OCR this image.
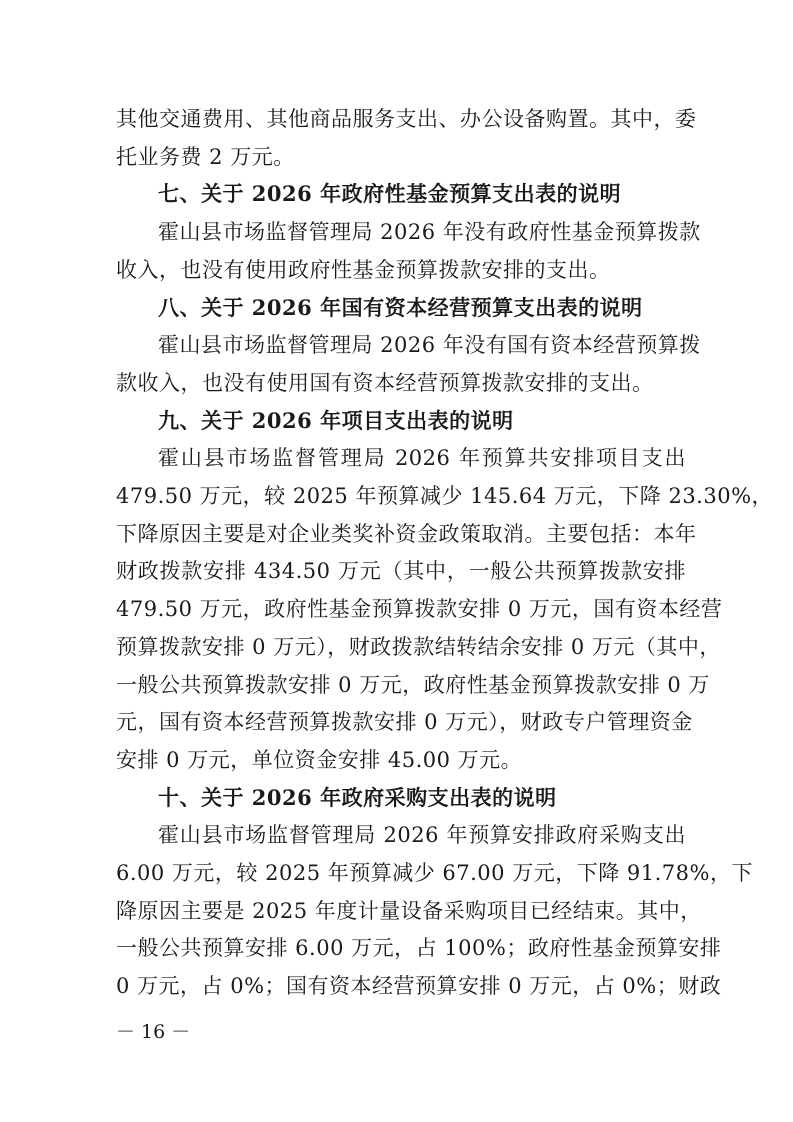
其他交通费用、其他商品服务支出、办公设备购置。其中，委
托业务费 2 万元。
七、关于 2026 年政府性基金预算支出表的说明
霍山县市场监督管理局 2026 年没有政府性基金预算拨款
收入，也没有使用政府性基金预算拨款安排的支出。
八、关于 2026 年国有资本经营预算支出表的说明
霍山县市场监督管理局 2026 年没有国有资本经营预算拨
款收入，也没有使用国有资本经营预算拨款安排的支出。
九、关于 2026 年项目支出表的说明
霍山县市场监督管理局 2026 年预算共安排项目支出
479.50 万元，较 2025 年预算减少 145.64 万元，下降 23.30%，
下降原因主要是对企业类奖补资金政策取消。主要包括：本年
财政拨款安排 434.50 万元（其中，一般公共预算拨款安排
479.50 万元，政府性基金预算拨款安排 0 万元，国有资本经营
预算拨款安排 0 万元），财政拨款结转结余安排 0 万元（其中，
一般公共预算拨款安排 0 万元，政府性基金预算拨款安排 0 万
元，国有资本经营预算拨款安排 0 万元），财政专户管理资金
安排 0 万元，单位资金安排 45.00 万元。
十、关于 2026 年政府采购支出表的说明
霍山县市场监督管理局 2026 年预算安排政府采购支出
6.00 万元，较 2025 年预算减少 67.00 万元，下降 91.78%，下
降原因主要是 2025 年度计量设备采购项目已经结束。其中，
一般公共预算安排 6.00 万元，占 100%；政府性基金预算安排
0 万元，占 0%；国有资本经营预算安排 0 万元，占 0%；财政
－ 16 －
